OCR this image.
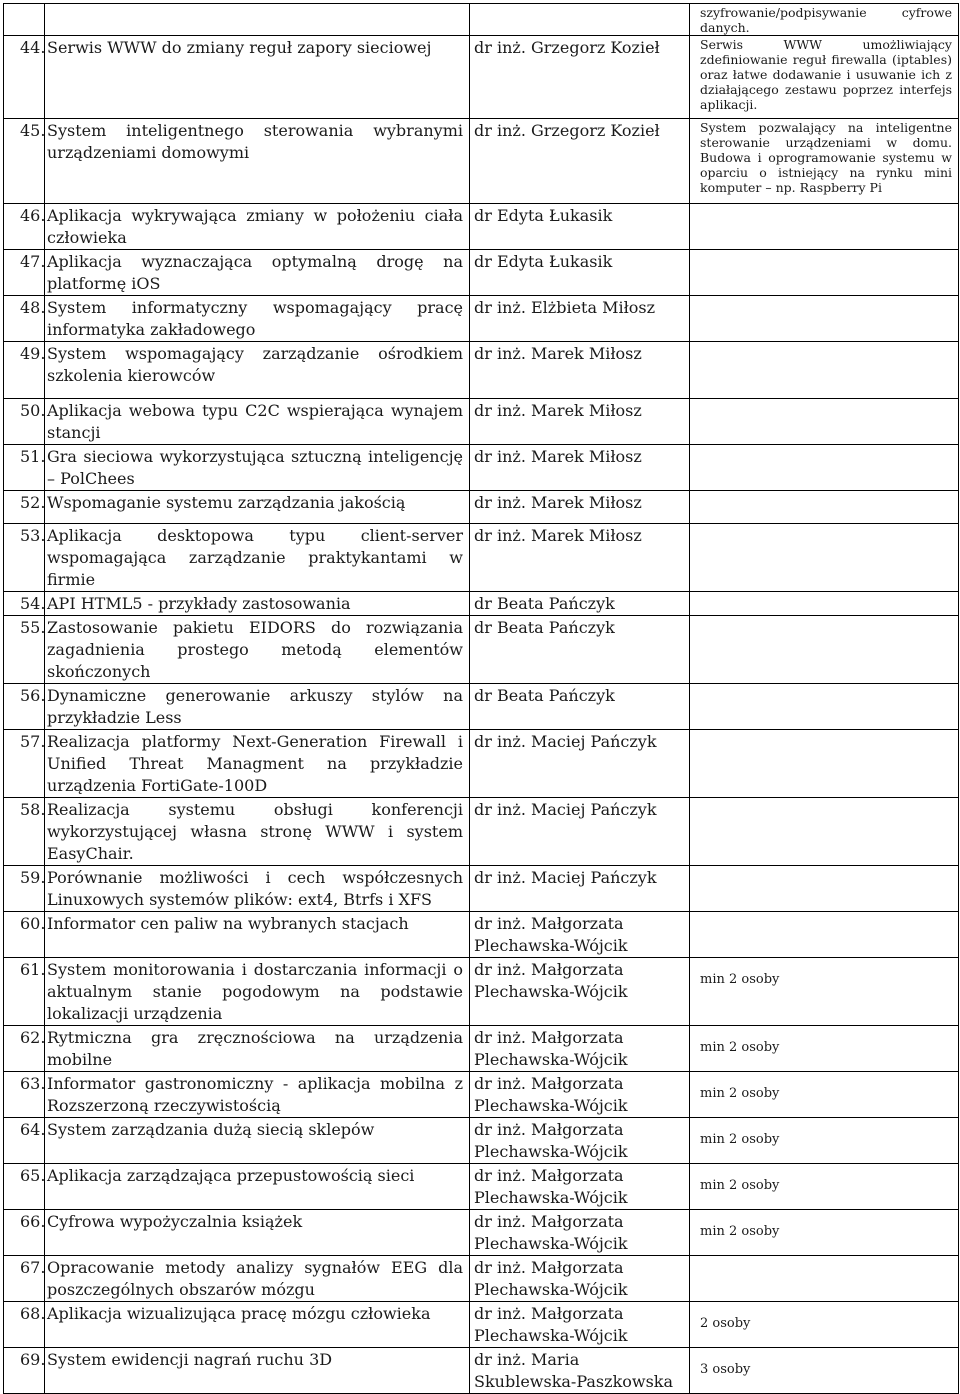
			szyfrowanie/podpisywanie cyfrowe danych.

44.	Serwis WWW do zmiany reguł zapory sieciowej	dr inż. Grzegorz Kozieł	Serwis WWW umożliwiający zdefiniowanie reguł firewalla (iptables) oraz łatwe dodawanie i usuwanie ich z działającego zestawu poprzez interfejs aplikacji.

45.	System inteligentnego sterowania wybranymi urządzeniami domowymi	dr inż. Grzegorz Kozieł	System pozwalający na inteligentne sterowanie urządzeniami w domu. Budowa i oprogramowanie systemu w oparciu o istniejący na rynku mini komputer – np. Raspberry Pi

46.	Aplikacja wykrywająca zmiany w położeniu ciała człowieka	dr Edyta Łukasik	

47.	Aplikacja wyznaczająca optymalną drogę na platformę iOS	dr Edyta Łukasik	

48.	System informatyczny wspomagający pracę informatyka zakładowego	dr inż. Elżbieta Miłosz	

49.	System wspomagający zarządzanie ośrodkiem szkolenia kierowców	dr inż. Marek Miłosz	

50.	Aplikacja webowa typu C2C wspierająca wynajem stancji	dr inż. Marek Miłosz	

51.	Gra sieciowa wykorzystująca sztuczną inteligencję – PolChees	dr inż. Marek Miłosz	

52.	Wspomaganie systemu zarządzania jakością	dr inż. Marek Miłosz	

53.	Aplikacja desktopowa typu client-server wspomagająca zarządzanie praktykantami w firmie	dr inż. Marek Miłosz	

54.	API HTML5 - przykłady zastosowania	dr Beata Pańczyk	

55.	Zastosowanie pakietu EIDORS do rozwiązania zagadnienia prostego metodą elementów skończonych	dr Beata Pańczyk	

56.	Dynamiczne generowanie arkuszy stylów na przykładzie Less	dr Beata Pańczyk	

57.	Realizacja platformy Next-Generation Firewall i Unified Threat Managment na przykładzie urządzenia FortiGate-100D	dr inż. Maciej Pańczyk	

58.	Realizacja systemu obsługi konferencji wykorzystującej własna stronę WWW i system EasyChair.	dr inż. Maciej Pańczyk	

59.	Porównanie możliwości i cech współczesnych Linuxowych systemów plików: ext4, Btrfs i XFS	dr inż. Maciej Pańczyk	

60.	Informator cen paliw na wybranych stacjach	dr inż. Małgorzata Plechawska-Wójcik	

61.	System monitorowania i dostarczania informacji o aktualnym stanie pogodowym na podstawie lokalizacji urządzenia	dr inż. Małgorzata Plechawska-Wójcik	min 2 osoby

62.	Rytmiczna gra zręcznościowa na urządzenia mobilne	dr inż. Małgorzata Plechawska-Wójcik	min 2 osoby

63.	Informator gastronomiczny - aplikacja mobilna z Rozszerzoną rzeczywistością	dr inż. Małgorzata Plechawska-Wójcik	min 2 osoby

64.	System zarządzania dużą siecią sklepów	dr inż. Małgorzata Plechawska-Wójcik	min 2 osoby

65.	Aplikacja zarządzająca przepustowością sieci	dr inż. Małgorzata Plechawska-Wójcik	min 2 osoby

66.	Cyfrowa wypożyczalnia książek	dr inż. Małgorzata Plechawska-Wójcik	min 2 osoby

67.	Opracowanie metody analizy sygnałów EEG dla poszczególnych obszarów mózgu	dr inż. Małgorzata Plechawska-Wójcik	

68.	Aplikacja wizualizująca pracę mózgu człowieka	dr inż. Małgorzata Plechawska-Wójcik	2 osoby

69.	System ewidencji nagrań ruchu 3D	dr inż. Maria Skublewska-Paszkowska	3 osoby
